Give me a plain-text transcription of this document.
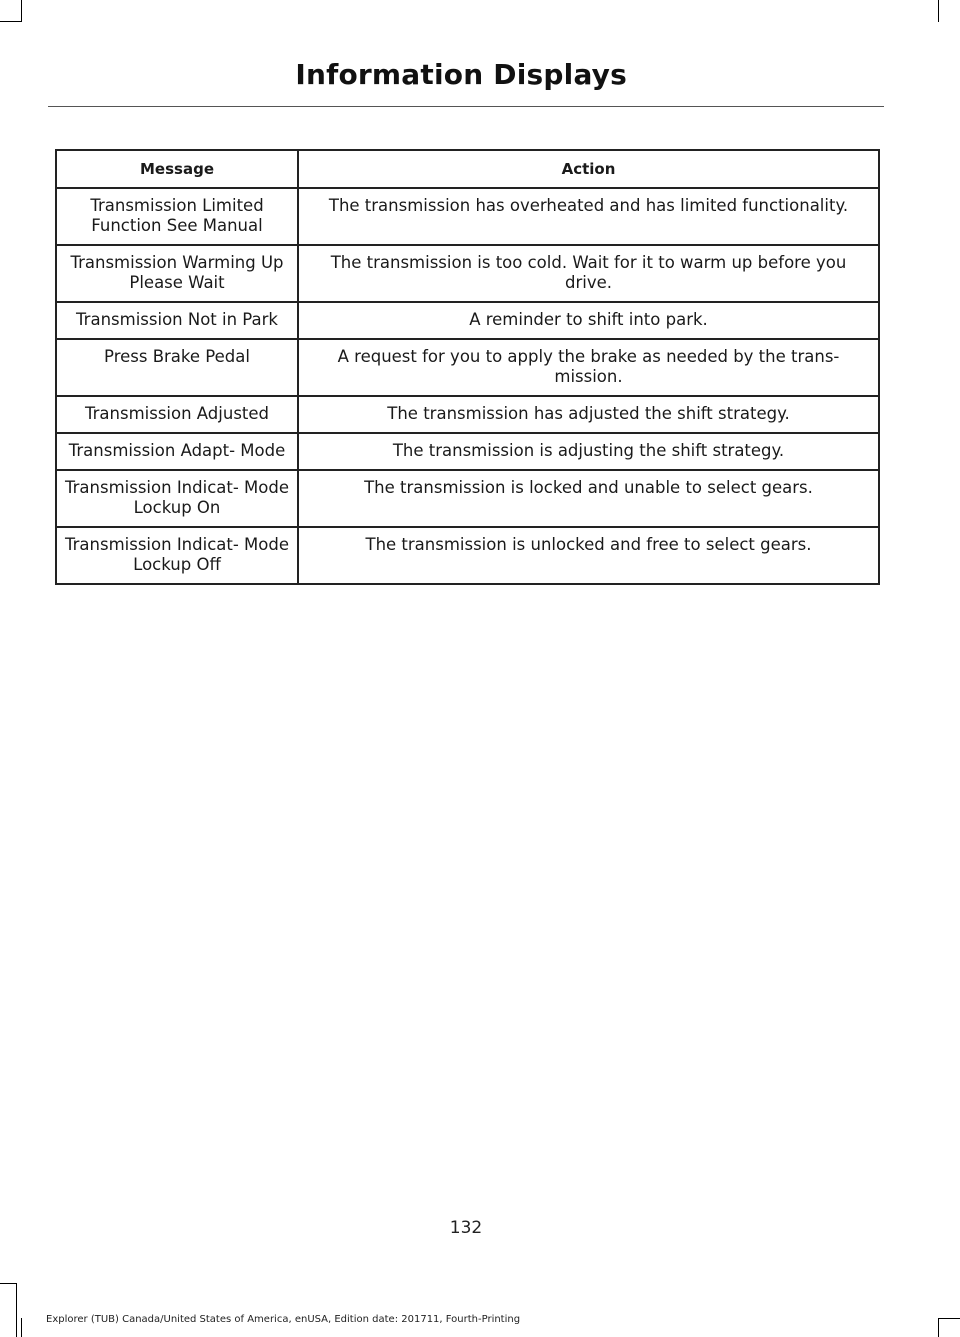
Information Displays
Message	Action
Transmission Limited Function See Manual	The transmission has overheated and has limited functionality.
Transmission Warming Up Please Wait	The transmission is too cold. Wait for it to warm up before you drive.
Transmission Not in Park	A reminder to shift into park.
Press Brake Pedal	A request for you to apply the brake as needed by the trans- mission.
Transmission Adjusted	The transmission has adjusted the shift strategy.
Transmission Adapt- Mode	The transmission is adjusting the shift strategy.
Transmission Indicat- Mode Lockup On	The transmission is locked and unable to select gears.
Transmission Indicat- Mode Lockup Off	The transmission is unlocked and free to select gears.
132
Explorer (TUB) Canada/United States of America, enUSA, Edition date: 201711, Fourth-Printing
